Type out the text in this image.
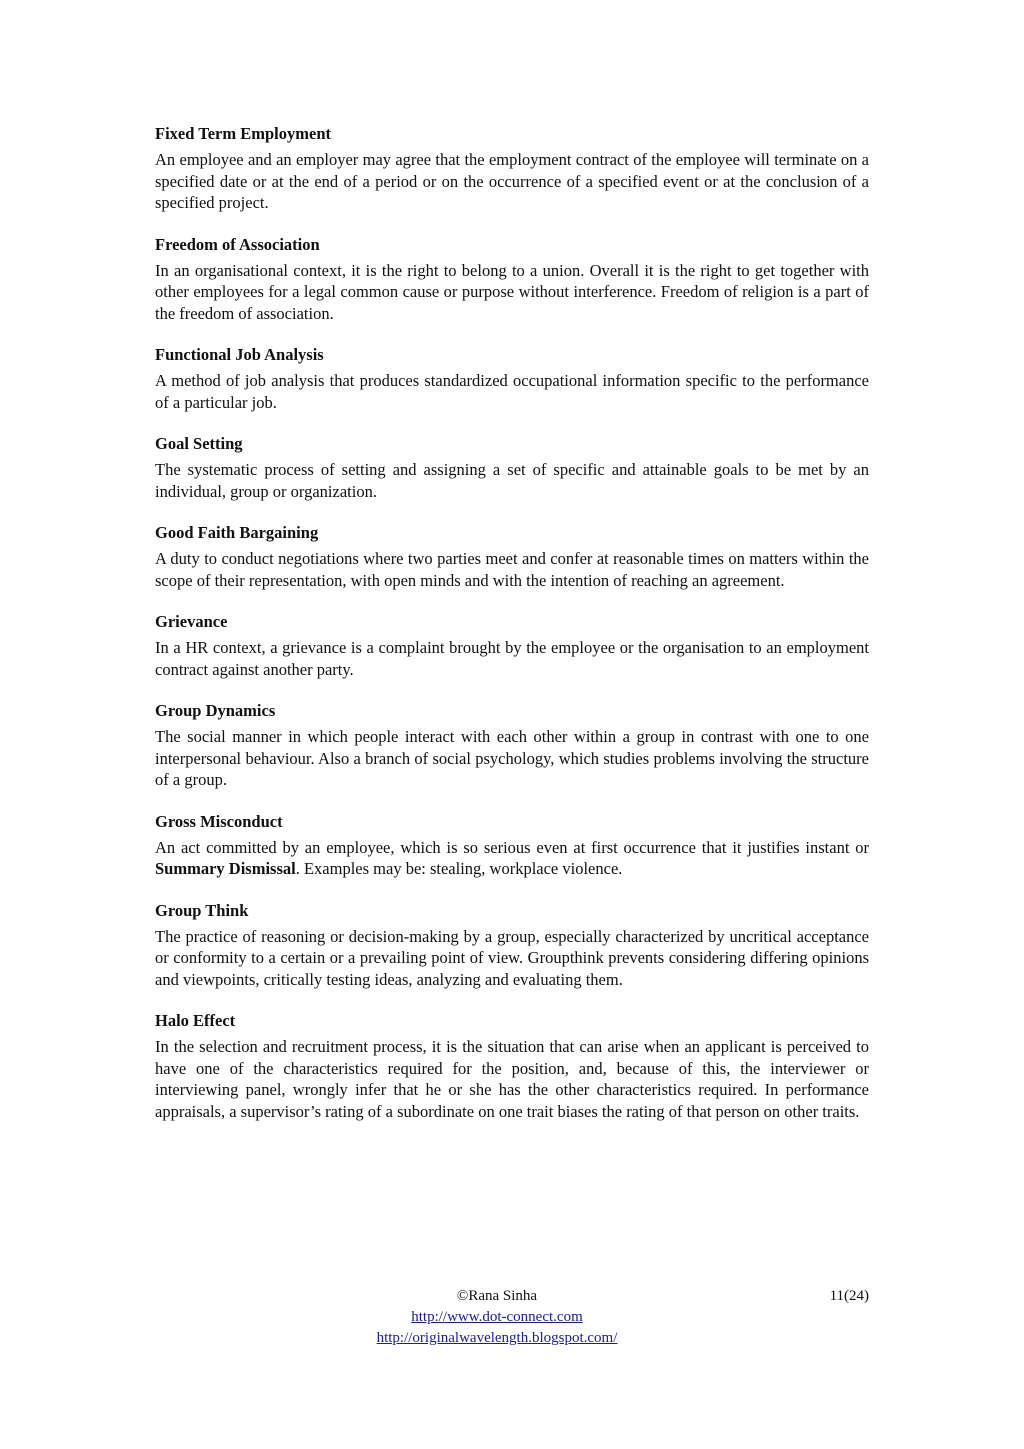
Fixed Term Employment

An employee and an employer may agree that the employment contract of the employee will terminate on a specified date or at the end of a period or on the occurrence of a specified event or at the conclusion of a specified project.

Freedom of Association

In an organisational context, it is the right to belong to a union. Overall it is the right to get together with other employees for a legal common cause or purpose without interference. Freedom of religion is a part of the freedom of association.

Functional Job Analysis

A method of job analysis that produces standardized occupational information specific to the performance of a particular job.

Goal Setting

The systematic process of setting and assigning a set of specific and attainable goals to be met by an individual, group or organization.

Good Faith Bargaining

A duty to conduct negotiations where two parties meet and confer at reasonable times on matters within the scope of their representation, with open minds and with the intention of reaching an agreement.

Grievance

In a HR context, a grievance is a complaint brought by the employee or the organisation to an employment contract against another party.

Group Dynamics

The social manner in which people interact with each other within a group in contrast with one to one interpersonal behaviour. Also a branch of social psychology, which studies problems involving the structure of a group.

Gross Misconduct

An act committed by an employee, which is so serious even at first occurrence that it justifies instant or Summary Dismissal. Examples may be: stealing, workplace violence.

Group Think

The practice of reasoning or decision-making by a group, especially characterized by uncritical acceptance or conformity to a certain or a prevailing point of view. Groupthink prevents considering differing opinions and viewpoints, critically testing ideas, analyzing and evaluating them.

Halo Effect

In the selection and recruitment process, it is the situation that can arise when an applicant is perceived to have one of the characteristics required for the position, and, because of this, the interviewer or interviewing panel, wrongly infer that he or she has the other characteristics required. In performance appraisals, a supervisor’s rating of a subordinate on one trait biases the rating of that person on other traits.

©Rana Sinha
http://www.dot-connect.com
http://originalwavelength.blogspot.com/
11(24)
